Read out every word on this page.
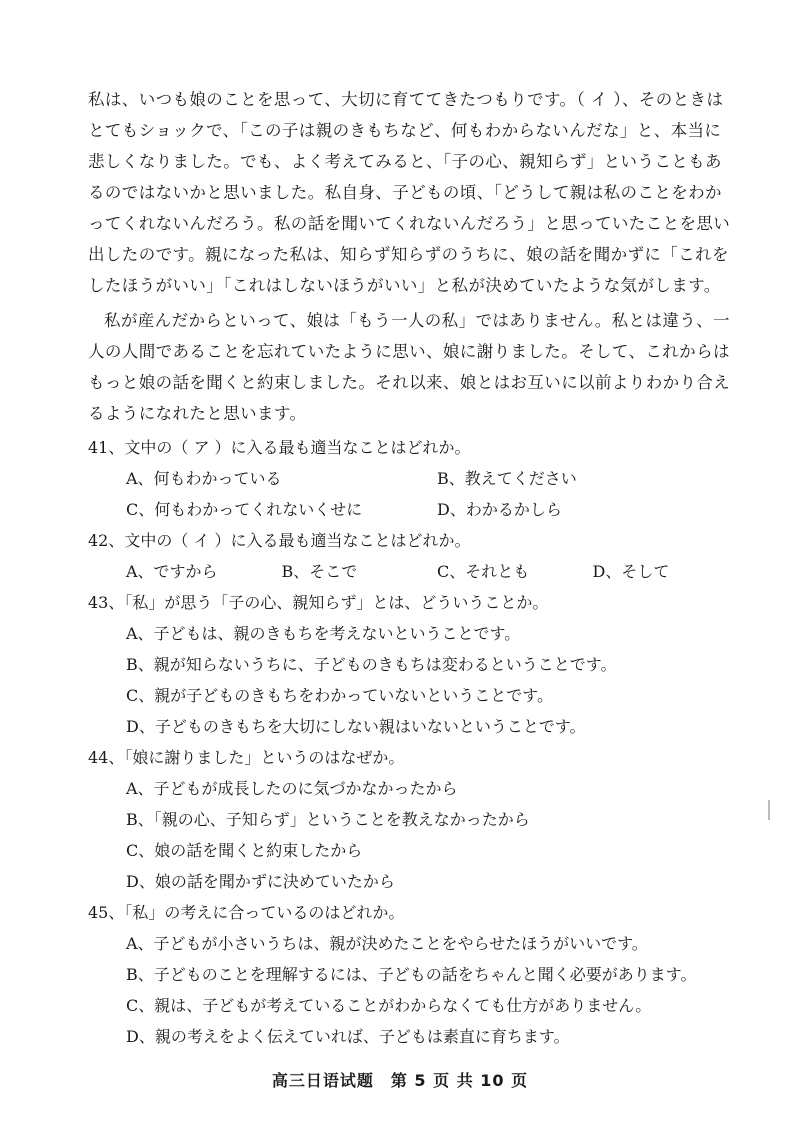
私は、いつも娘のことを思って、大切に育ててきたつもりです。（ イ ）、そのときはとてもショックで、「この子は親のきもちなど、何もわからないんだな」と、本当に悲しくなりました。でも、よく考えてみると、「子の心、親知らず」ということもあるのではないかと思いました。私自身、子どもの頃、「どうして親は私のことをわかってくれないんだろう。私の話を聞いてくれないんだろう」と思っていたことを思い出したのです。親になった私は、知らず知らずのうちに、娘の話を聞かずに「これをしたほうがいい」「これはしないほうがいい」と私が決めていたような気がします。

私が産んだからといって、娘は「もう一人の私」ではありません。私とは違う、一人の人間であることを忘れていたように思い、娘に謝りました。そして、これからはもっと娘の話を聞くと約束しました。それ以来、娘とはお互いに以前よりわかり合えるようになれたと思います。

41、文中の（ ア ）に入る最も適当なことはどれか。
A、何もわかっている	B、教えてください
C、何もわかってくれないくせに	D、わかるかしら
42、文中の（ イ ）に入る最も適当なことはどれか。
A、ですから	B、そこで	C、それとも	D、そして
43、「私」が思う「子の心、親知らず」とは、どういうことか。
A、子どもは、親のきもちを考えないということです。
B、親が知らないうちに、子どものきもちは変わるということです。
C、親が子どものきもちをわかっていないということです。
D、子どものきもちを大切にしない親はいないということです。
44、「娘に謝りました」というのはなぜか。
A、子どもが成長したのに気づかなかったから
B、「親の心、子知らず」ということを教えなかったから
C、娘の話を聞くと約束したから
D、娘の話を聞かずに決めていたから
45、「私」の考えに合っているのはどれか。
A、子どもが小さいうちは、親が決めたことをやらせたほうがいいです。
B、子どものことを理解するには、子どもの話をちゃんと聞く必要があります。
C、親は、子どもが考えていることがわからなくても仕方がありません。
D、親の考えをよく伝えていれば、子どもは素直に育ちます。
高三日语试题　第 5 页 共 10 页
